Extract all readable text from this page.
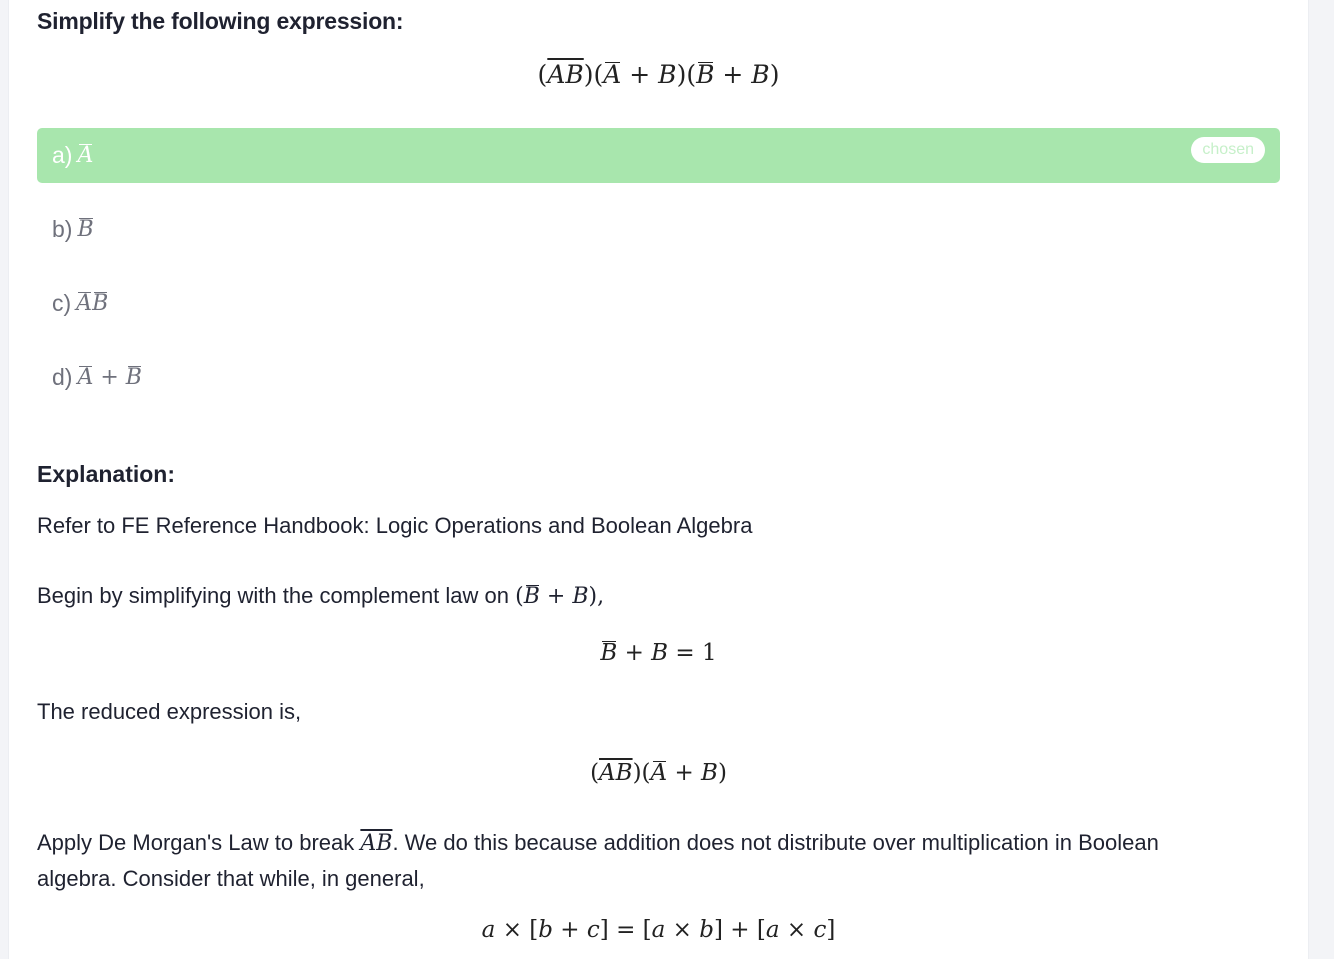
Simplify the following expression:
$(\overline{AB})(A + B)(B + B)$
a) A	chosen
b) B
c) AB
d) A + B
Explanation:
Refer to FE Reference Handbook: Logic Operations and Boolean Algebra
Begin by simplifying with the complement law on (B + B),
B + B = 1
The reduced expression is,
$(\overline{AB})(A + B)$
Apply De Morgan's Law to break $\overline{AB}$. We do this because addition does not distribute over multiplication in Boolean
algebra. Consider that while, in general,
a × [b + c] = [a × b] + [a × c]
